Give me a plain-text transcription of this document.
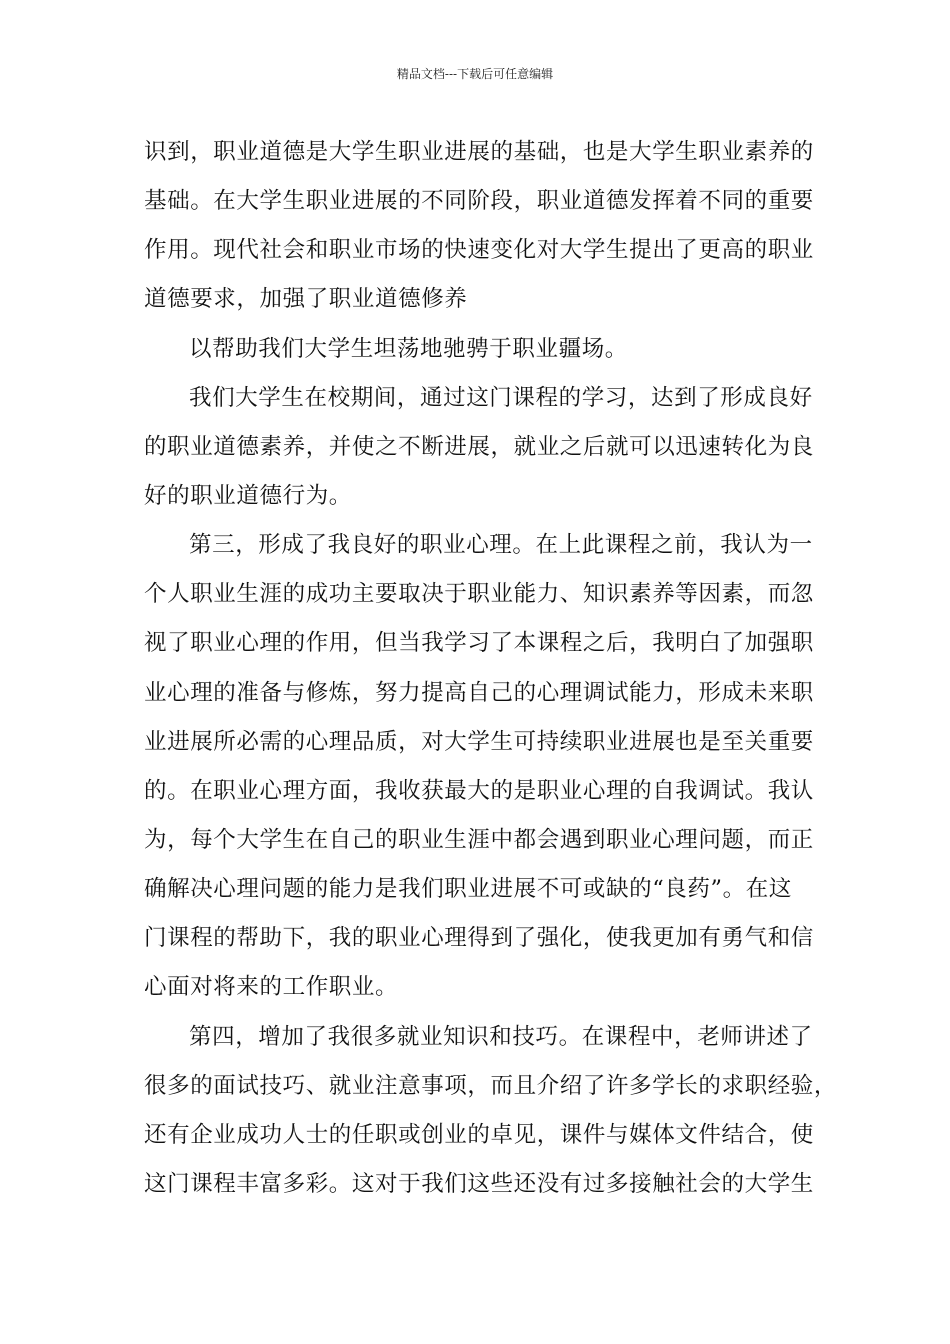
精品文档---下载后可任意编辑
识到，职业道德是大学生职业进展的基础，也是大学生职业素养的
基础。在大学生职业进展的不同阶段，职业道德发挥着不同的重要
作用。现代社会和职业市场的快速变化对大学生提出了更高的职业
道德要求，加强了职业道德修养
以帮助我们大学生坦荡地驰骋于职业疆场。
我们大学生在校期间，通过这门课程的学习，达到了形成良好
的职业道德素养，并使之不断进展，就业之后就可以迅速转化为良
好的职业道德行为。
第三，形成了我良好的职业心理。在上此课程之前，我认为一
个人职业生涯的成功主要取决于职业能力、知识素养等因素，而忽
视了职业心理的作用，但当我学习了本课程之后，我明白了加强职
业心理的准备与修炼，努力提高自己的心理调试能力，形成未来职
业进展所必需的心理品质，对大学生可持续职业进展也是至关重要
的。在职业心理方面，我收获最大的是职业心理的自我调试。我认
为，每个大学生在自己的职业生涯中都会遇到职业心理问题，而正
确解决心理问题的能力是我们职业进展不可或缺的“良药”。在这
门课程的帮助下，我的职业心理得到了强化，使我更加有勇气和信
心面对将来的工作职业。
第四，增加了我很多就业知识和技巧。在课程中，老师讲述了
很多的面试技巧、就业注意事项，而且介绍了许多学长的求职经验，
还有企业成功人士的任职或创业的卓见，课件与媒体文件结合，使
这门课程丰富多彩。这对于我们这些还没有过多接触社会的大学生
